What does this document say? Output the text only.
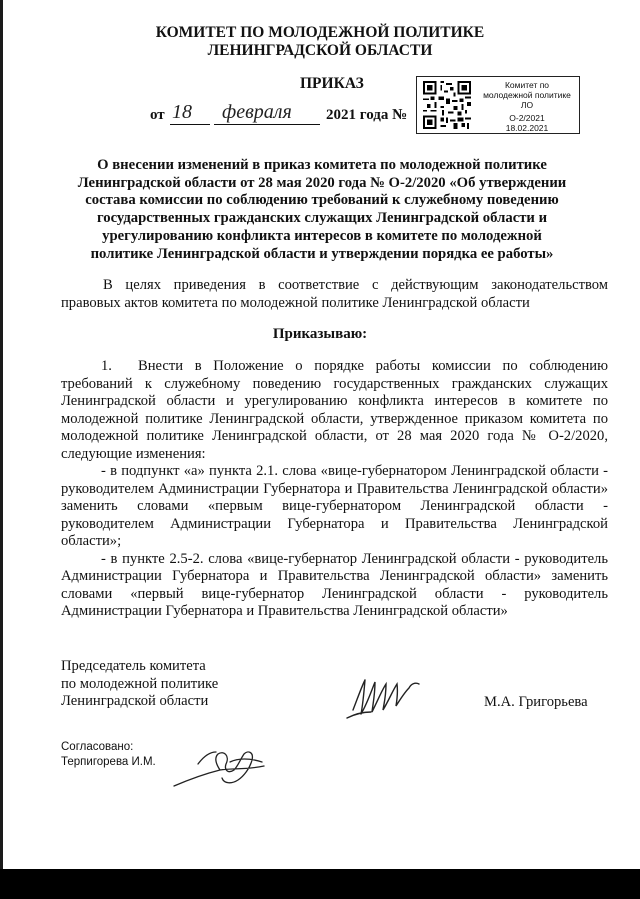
КОМИТЕТ ПО МОЛОДЕЖНОЙ ПОЛИТИКЕ
ЛЕНИНГРАДСКОЙ ОБЛАСТИ
ПРИКАЗ
от 18 февраля 2021 года №
Комитет по
молодежной политике
ЛО
О-2/2021
18.02.2021
О внесении изменений в приказ комитета по молодежной политике Ленинградской области от 28 мая 2020 года № О-2/2020 «Об утверждении состава комиссии по соблюдению требований к служебному поведению государственных гражданских служащих Ленинградской области и урегулированию конфликта интересов в комитете по молодежной политике Ленинградской области и утверждении порядка ее работы»
В целях приведения в соответствие с действующим законодательством правовых актов комитета по молодежной политике Ленинградской области
Приказываю:
1. Внести в Положение о порядке работы комиссии по соблюдению требований к служебному поведению государственных гражданских служащих Ленинградской области и урегулированию конфликта интересов в комитете по молодежной политике Ленинградской области, утвержденное приказом комитета по молодежной политике Ленинградской области, от 28 мая 2020 года № О-2/2020, следующие изменения:
- в подпункт «а» пункта 2.1. слова «вице-губернатором Ленинградской области - руководителем Администрации Губернатора и Правительства Ленинградской области» заменить словами «первым вице-губернатором Ленинградской области - руководителем Администрации Губернатора и Правительства Ленинградской области»;
- в пункте 2.5-2. слова «вице-губернатор Ленинградской области - руководитель Администрации Губернатора и Правительства Ленинградской области» заменить словами «первый вице-губернатор Ленинградской области - руководитель Администрации Губернатора и Правительства Ленинградской области»
Председатель комитета
по молодежной политике
Ленинградской области	М.А. Григорьева
Согласовано:
Терпигорева И.М.
